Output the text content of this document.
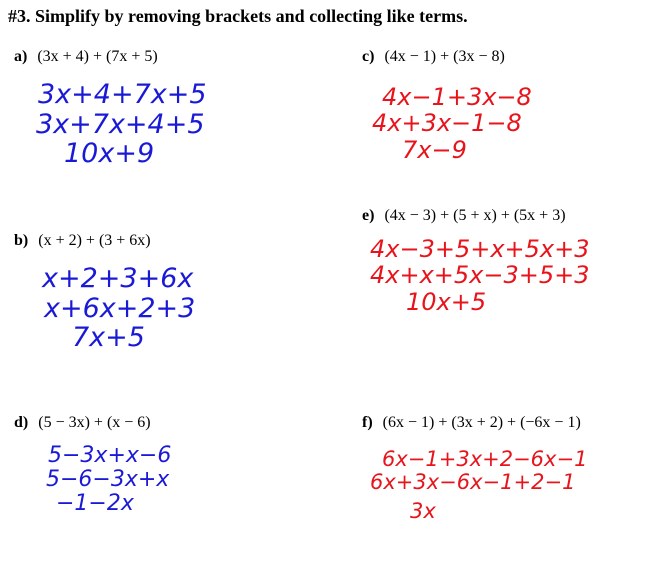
#3. Simplify by removing brackets and collecting like terms.
a) (3x + 4) + (7x + 5)
3x+4+7x+5
3x+7x+4+5
10x+9
b) (x + 2) + (3 + 6x)
x+2+3+6x
x+6x+2+3
7x+5
c) (4x − 1) + (3x − 8)
4x−1+3x−8
4x+3x−1−8
7x−9
d) (5 − 3x) + (x − 6)
5−3x+x−6
5−6−3x+x
−1−2x
e) (4x − 3) + (5 + x) + (5x + 3)
4x−3+5+x+5x+3
4x+x+5x−3+5+3
10x+5
f) (6x − 1) + (3x + 2) + (−6x − 1)
6x−1+3x+2−6x−1
6x+3x−6x−1+2−1
3x
